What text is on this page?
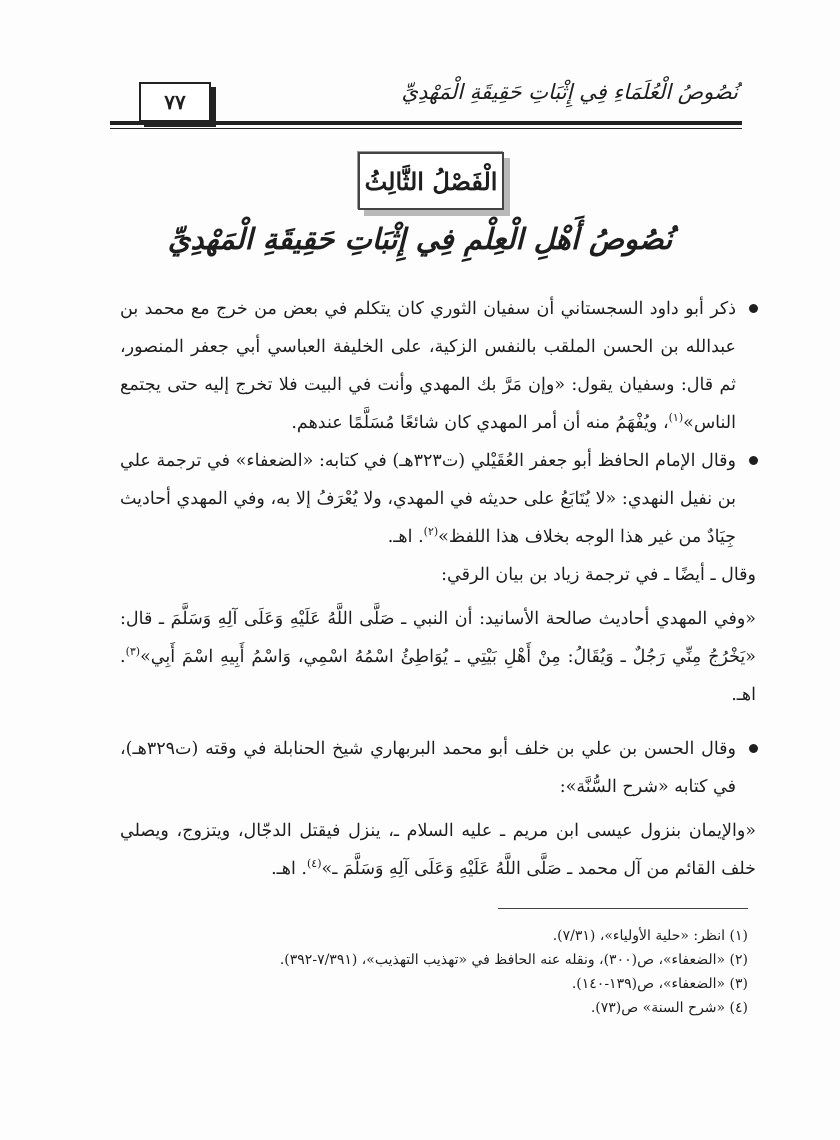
٧٧	نُصُوصُ الْعُلَمَاءِ فِي إِثْبَاتِ حَقِيقَةِ الْمَهْدِيِّ
الْفَصْلُ الثَّالِثُ
نُصُوصُ أَهْلِ الْعِلْمِ فِي إِثْبَاتِ حَقِيقَةِ الْمَهْدِيِّ

ذكر أبو داود السجستاني أن سفيان الثوري كان يتكلم في بعض من خرج مع محمد بن عبدالله بن الحسن الملقب بالنفس الزكية، على الخليفة العباسي أبي جعفر المنصور، ثم قال: وسفيان يقول: «وإن مَرَّ بك المهدي وأنت في البيت فلا تخرج إليه حتى يجتمع الناس»$^{(١)}$، ويُفْهَمُ منه أن أمر المهدي كان شائعًا مُسَلَّمًا عندهم.

وقال الإمام الحافظ أبو جعفر العُقَيْلي (ت٣٢٣هـ) في كتابه: «الضعفاء» في ترجمة علي بن نفيل النهدي: «لا يُتَابَعُ على حديثه في المهدي، ولا يُعْرَفُ إلا به، وفي المهدي أحاديث جِيَادٌ من غير هذا الوجه بخلاف هذا اللفظ»$^{(٢)}$. اهـ.

وقال ـ أيضًا ـ في ترجمة زياد بن بيان الرقي:

«وفي المهدي أحاديث صالحة الأسانيد: أن النبي ـ صَلَّى اللَّهُ عَلَيْهِ وَعَلَى آلِهِ وَسَلَّمَ ـ قال: «يَخْرُجُ مِنِّي رَجُلٌ ـ وَيُقَالُ: مِنْ أَهْلِ بَيْتِي ـ يُوَاطِئُ اسْمُهُ اسْمِي، وَاسْمُ أَبِيهِ اسْمَ أَبِي»$^{(٣)}$. اهـ.

وقال الحسن بن علي بن خلف أبو محمد البربهاري شيخ الحنابلة في وقته (ت٣٢٩هـ)، في كتابه «شرح السُّنَّة»:

«والإيمان بنزول عيسى ابن مريم ـ عليه السلام ـ، ينزل فيقتل الدجّال، ويتزوج، ويصلي خلف القائم من آل محمد ـ صَلَّى اللَّهُ عَلَيْهِ وَعَلَى آلِهِ وَسَلَّمَ ـ»$^{(٤)}$. اهـ.

(١) انظر: «حلية الأولياء»، (٧/٣١).

(٢) «الضعفاء»، ص(٣٠٠)، ونقله عنه الحافظ في «تهذيب التهذيب»، (٧/٣٩١-٣٩٢).

(٣) «الضعفاء»، ص(١٣٩-١٤٠).

(٤) «شرح السنة» ص(٧٣).
